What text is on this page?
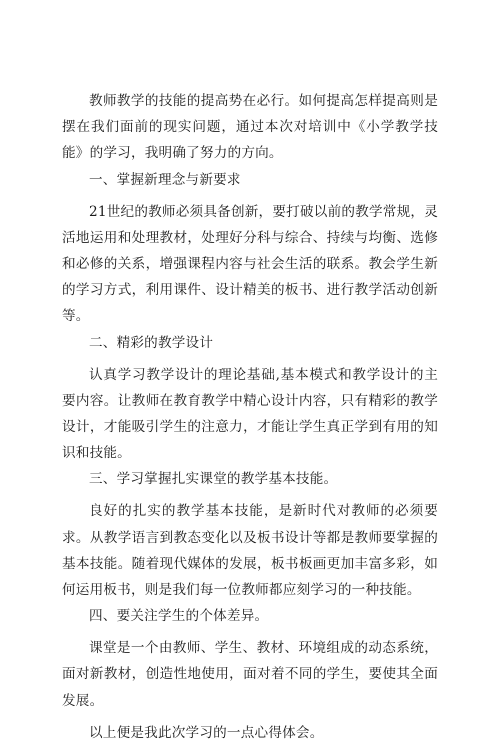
教师教学的技能的提高势在必行。如何提高怎样提高则是摆在我们面前的现实问题，通过本次对培训中《小学教学技能》的学习，我明确了努力的方向。

一、掌握新理念与新要求

21世纪的教师必须具备创新，要打破以前的教学常规，灵活地运用和处理教材，处理好分科与综合、持续与均衡、选修和必修的关系，增强课程内容与社会生活的联系。教会学生新的学习方式，利用课件、设计精美的板书、进行教学活动创新等。

二、精彩的教学设计

认真学习教学设计的理论基础,基本模式和教学设计的主要内容。让教师在教育教学中精心设计内容，只有精彩的教学设计，才能吸引学生的注意力，才能让学生真正学到有用的知识和技能。

三、学习掌握扎实课堂的教学基本技能。

良好的扎实的教学基本技能，是新时代对教师的必须要求。从教学语言到教态变化以及板书设计等都是教师要掌握的基本技能。随着现代媒体的发展，板书板画更加丰富多彩，如何运用板书，则是我们每一位教师都应刻学习的一种技能。

四、要关注学生的个体差异。

课堂是一个由教师、学生、教材、环境组成的动态系统，面对新教材，创造性地使用，面对着不同的学生，要使其全面发展。

以上便是我此次学习的一点心得体会。
